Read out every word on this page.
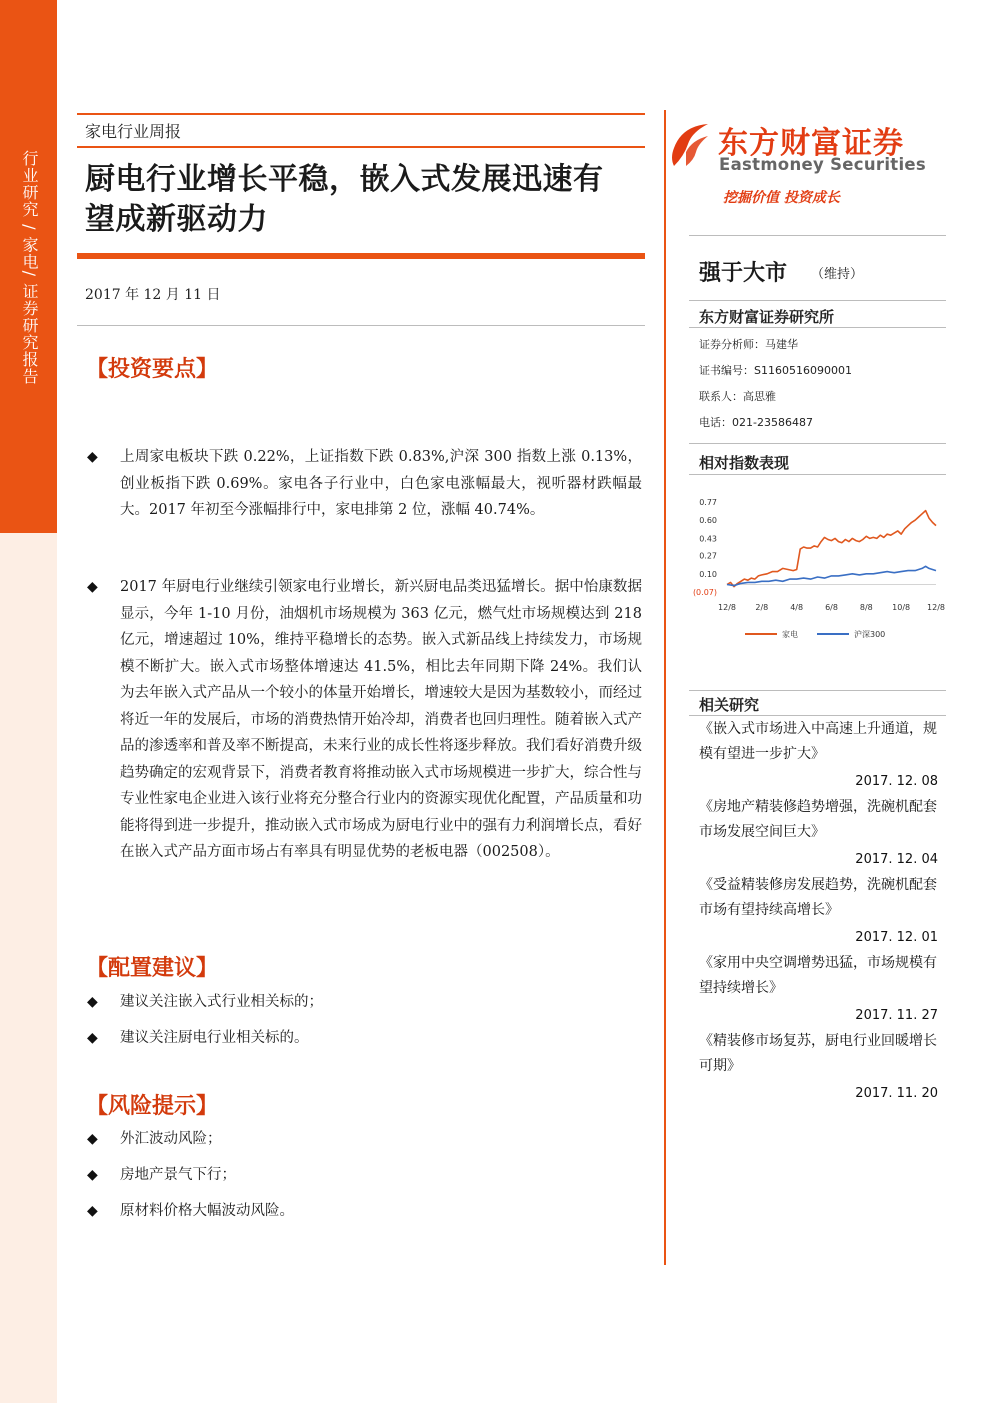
行业研究 / 家电/ 证券研究报告
家电行业周报
厨电行业增长平稳，嵌入式发展迅速有
望成新驱动力
2017 年 12 月 11 日
【投资要点】
◆	上周家电板块下跌 0.22%，上证指数下跌 0.83%,沪深 300 指数上涨 0.13%，创业板指下跌 0.69%。家电各子行业中，白色家电涨幅最大，视听器材跌幅最大。2017 年初至今涨幅排行中，家电排第 2 位，涨幅 40.74%。
◆	2017 年厨电行业继续引领家电行业增长，新兴厨电品类迅猛增长。据中怡康数据显示，今年 1-10 月份，油烟机市场规模为 363 亿元，燃气灶市场规模达到 218 亿元，增速超过 10%，维持平稳增长的态势。嵌入式新品线上持续发力，市场规模不断扩大。嵌入式市场整体增速达 41.5%，相比去年同期下降 24%。我们认为去年嵌入式产品从一个较小的体量开始增长，增速较大是因为基数较小，而经过将近一年的发展后，市场的消费热情开始冷却，消费者也回归理性。随着嵌入式产品的渗透率和普及率不断提高，未来行业的成长性将逐步释放。我们看好消费升级趋势确定的宏观背景下，消费者教育将推动嵌入式市场规模进一步扩大，综合性与专业性家电企业进入该行业将充分整合行业内的资源实现优化配置，产品质量和功能将得到进一步提升，推动嵌入式市场成为厨电行业中的强有力利润增长点，看好在嵌入式产品方面市场占有率具有明显优势的老板电器（002508）。
【配置建议】
◆	建议关注嵌入式行业相关标的；
◆	建议关注厨电行业相关标的。
【风险提示】
◆	外汇波动风险；
◆	房地产景气下行；
◆	原材料价格大幅波动风险。
东方财富证券
Eastmoney Securities
挖掘价值 投资成长
强于大市 （维持）
东方财富证券研究所
证券分析师：马建华
证书编号：S1160516090001
联系人：高思雅
电话：021-23586487
相对指数表现
0.77
0.60
0.43
0.27
0.10
(0.07)
12/8 2/8	4/8	6/8	8/8 10/8 12/8
家电	沪深300
相关研究
《嵌入式市场进入中高速上升通道，规模有望进一步扩大》
2017. 12. 08
《房地产精装修趋势增强，洗碗机配套市场发展空间巨大》
2017. 12. 04
《受益精装修房发展趋势，洗碗机配套市场有望持续高增长》
2017. 12. 01
《家用中央空调增势迅猛，市场规模有望持续增长》
2017. 11. 27
《精装修市场复苏，厨电行业回暖增长可期》
2017. 11. 20
